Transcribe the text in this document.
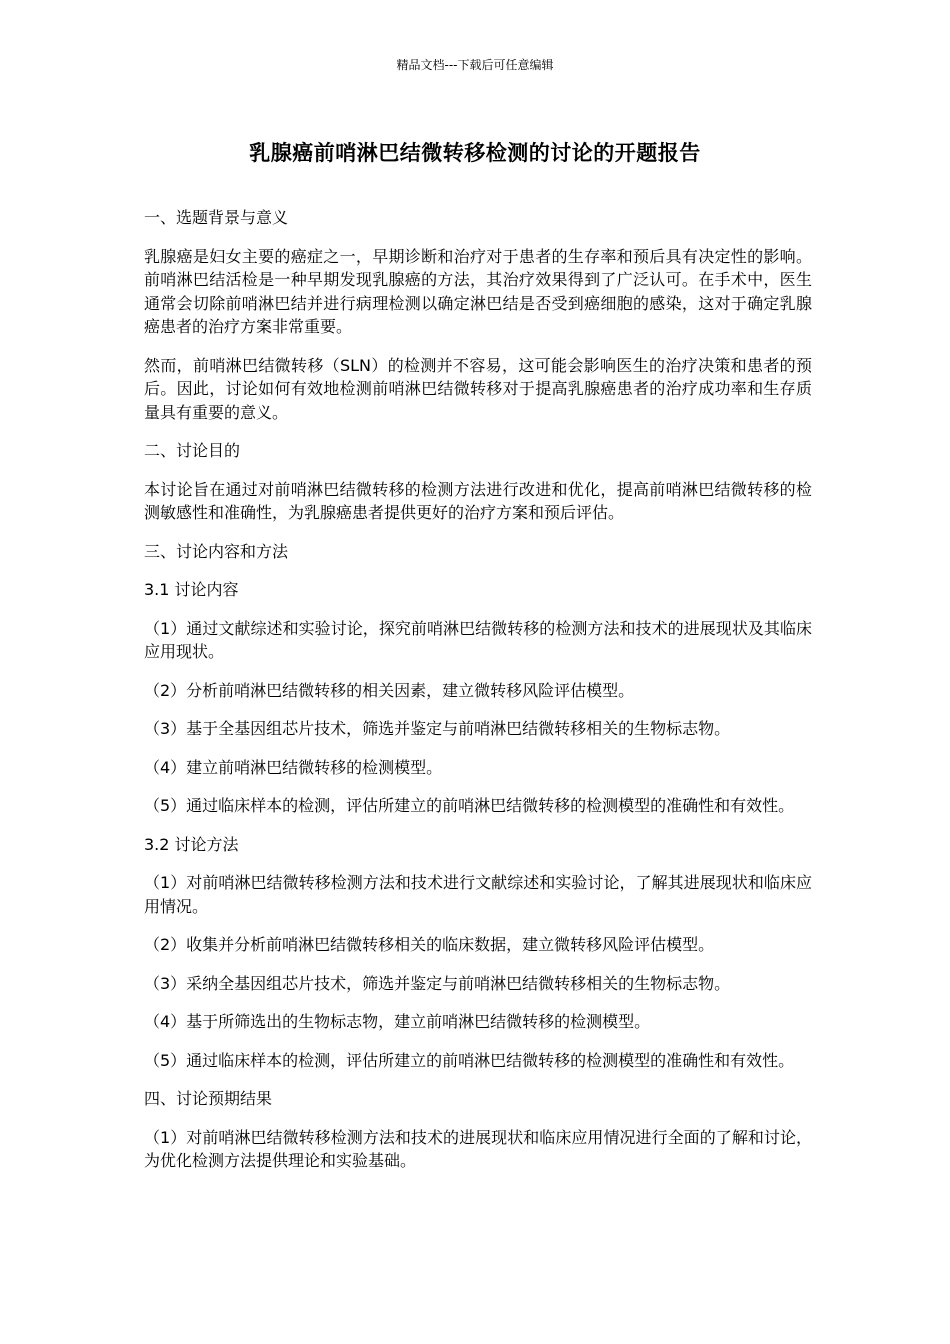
精品文档---下载后可任意编辑
乳腺癌前哨淋巴结微转移检测的讨论的开题报告
一、选题背景与意义
乳腺癌是妇女主要的癌症之一，早期诊断和治疗对于患者的生存率和预后具有决定性的影响。前哨淋巴结活检是一种早期发现乳腺癌的方法，其治疗效果得到了广泛认可。在手术中，医生通常会切除前哨淋巴结并进行病理检测以确定淋巴结是否受到癌细胞的感染，这对于确定乳腺癌患者的治疗方案非常重要。
然而，前哨淋巴结微转移（SLN）的检测并不容易，这可能会影响医生的治疗决策和患者的预后。因此，讨论如何有效地检测前哨淋巴结微转移对于提高乳腺癌患者的治疗成功率和生存质量具有重要的意义。
二、讨论目的
本讨论旨在通过对前哨淋巴结微转移的检测方法进行改进和优化，提高前哨淋巴结微转移的检测敏感性和准确性，为乳腺癌患者提供更好的治疗方案和预后评估。
三、讨论内容和方法
3.1 讨论内容
（1）通过文献综述和实验讨论，探究前哨淋巴结微转移的检测方法和技术的进展现状及其临床应用现状。
（2）分析前哨淋巴结微转移的相关因素，建立微转移风险评估模型。
（3）基于全基因组芯片技术，筛选并鉴定与前哨淋巴结微转移相关的生物标志物。
（4）建立前哨淋巴结微转移的检测模型。
（5）通过临床样本的检测，评估所建立的前哨淋巴结微转移的检测模型的准确性和有效性。
3.2 讨论方法
（1）对前哨淋巴结微转移检测方法和技术进行文献综述和实验讨论，了解其进展现状和临床应用情况。
（2）收集并分析前哨淋巴结微转移相关的临床数据，建立微转移风险评估模型。
（3）采纳全基因组芯片技术，筛选并鉴定与前哨淋巴结微转移相关的生物标志物。
（4）基于所筛选出的生物标志物，建立前哨淋巴结微转移的检测模型。
（5）通过临床样本的检测，评估所建立的前哨淋巴结微转移的检测模型的准确性和有效性。
四、讨论预期结果
（1）对前哨淋巴结微转移检测方法和技术的进展现状和临床应用情况进行全面的了解和讨论，为优化检测方法提供理论和实验基础。
